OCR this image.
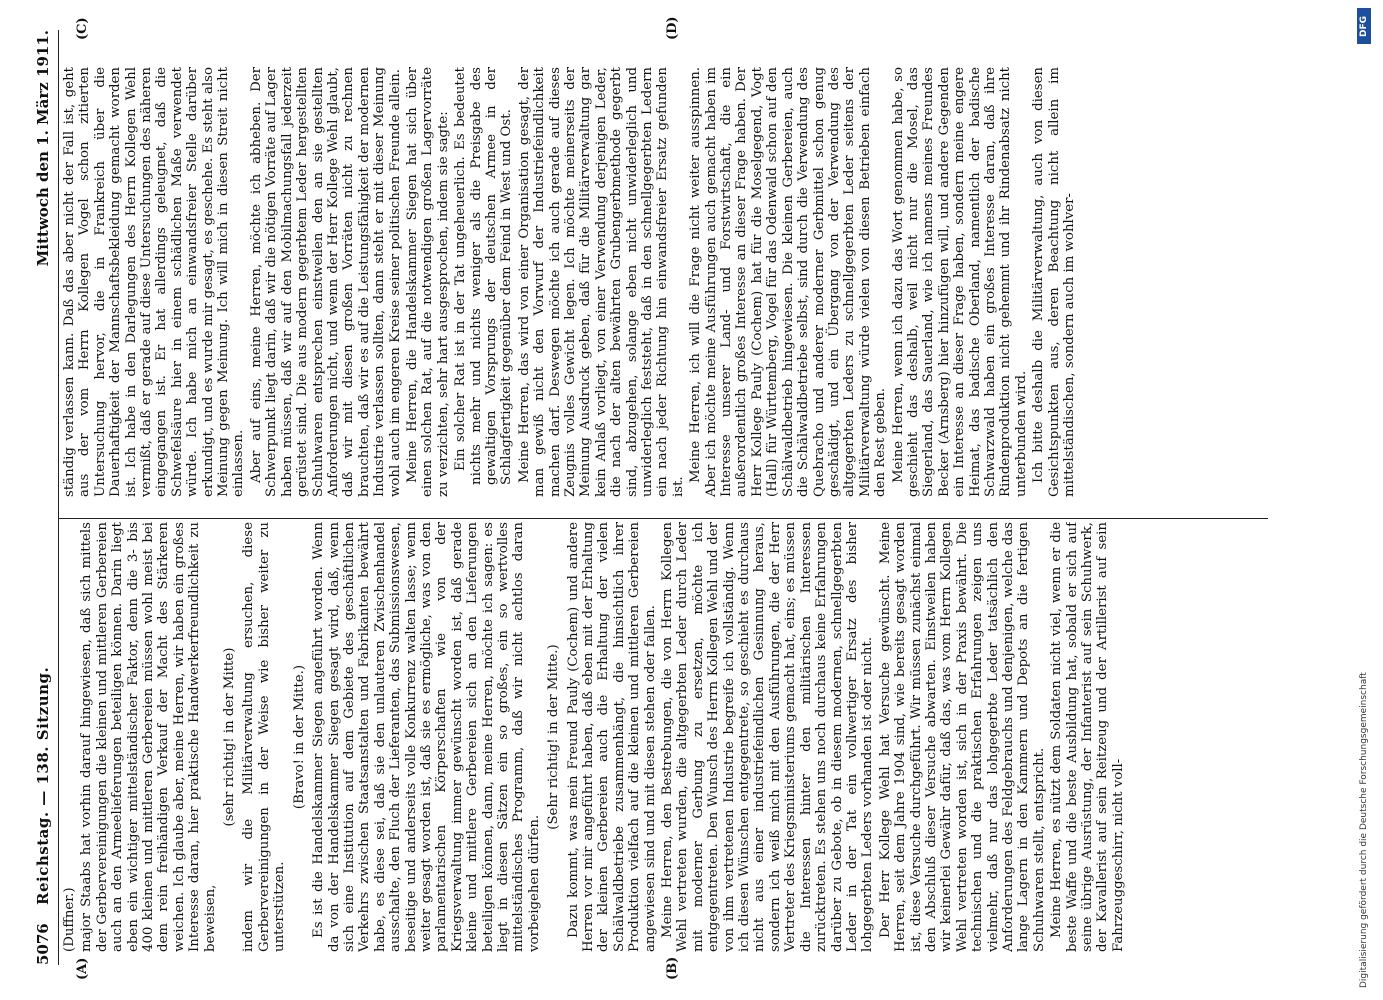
5076
Reichstag. — 138. Sitzung.
Mittwoch den 1. März 1911.
(A)	(B)
(C)	(D)

(Duffner.) major Staabs hat vorhin darauf hingewiesen, daß sich mittels der Gerbervereinigungen die kleinen und mittleren Gerbereien auch an den Armeelieferungen beteiligen können. Darin liegt eben ein wichtiger mittelständischer Faktor, denn die 3- bis 400 kleinen und mittleren Gerbereien müssen wohl meist bei dem rein freihändigen Verkauf der Macht des Stärkeren weichen. Ich glaube aber, meine Herren, wir haben ein großes Interesse daran, hier praktische Handwerkerfreundlichkeit zu beweisen,

(sehr richtig! in der Mitte) indem wir die Militärverwaltung ersuchen, diese Gerbervereinigungen in der Weise wie bisher weiter zu unterstützen.

(Bravo! in der Mitte.) Es ist die Handelskammer Siegen angeführt worden. Wenn da von der Handelskammer Siegen gesagt wird, daß, wenn sich eine Institution auf dem Gebiete des geschäftlichen Verkehrs zwischen Staatsanstalten und Fabrikanten bewährt habe, es diese sei, daß sie den unlauteren Zwischenhandel ausschalte, den Fluch der Lieferanten, das Submissionswesen, beseitige und anderseits volle Konkurrenz walten lasse; wenn weiter gesagt worden ist, daß sie es ermögliche, was von den parlamentarischen Körperschaften wie von der Kriegsverwaltung immer gewünscht worden ist, daß gerade kleine und mittlere Gerbereien sich an den Lieferungen beteiligen können, dann, meine Herren, möchte ich sagen: es liegt in diesen Sätzen ein so großes, ein so wertvolles mittelständisches Programm, daß wir nicht achtlos daran vorbeigehen dürfen.

(Sehr richtig! in der Mitte.) Dazu kommt, was mein Freund Pauly (Cochem) und andere Herren vor mir angeführt haben, daß eben mit der Erhaltung der kleinen Gerbereien auch die Erhaltung der vielen Schälwaldbetriebe zusammenhängt, die hinsichtlich ihrer Produktion vielfach auf die kleinen und mittleren Gerbereien angewiesen sind und mit diesen stehen oder fallen. Meine Herren, den Bestrebungen, die von Herrn Kollegen Wehl vertreten wurden, die altgegerbten Leder durch Leder mit moderner Gerbung zu ersetzen, möchte ich entgegentreten. Den Wunsch des Herrn Kollegen Wehl und der von ihm vertretenen Industrie begreife ich vollständig. Wenn ich diesen Wünschen entgegentrete, so geschieht es durchaus nicht aus einer industriefeindlichen Gesinnung heraus, sondern ich weiß mich mit den Ausführungen, die der Herr Vertreter des Kriegsministeriums gemacht hat, eins; es müssen die Interessen hinter den militärischen Interessen zurücktreten. Es stehen uns noch durchaus keine Erfahrungen darüber zu Gebote, ob in diesem modernen, schnellgegerbten Leder in der Tat ein vollwertiger Ersatz des bisher lohgegerbten Leders vorhanden ist oder nicht. Der Herr Kollege Wehl hat Versuche gewünscht. Meine Herren, seit dem Jahre 1904 sind, wie bereits gesagt worden ist, diese Versuche durchgeführt. Wir müssen zunächst einmal den Abschluß dieser Versuche abwarten. Einstweilen haben wir keinerlei Gewähr dafür, daß das, was vom Herrn Kollegen Wehl vertreten worden ist, sich in der Praxis bewährt. Die technischen und die praktischen Erfahrungen zeigen uns vielmehr, daß nur das lohgegerbte Leder tatsächlich den Anforderungen des Feldgebrauchs und denjenigen, welche das lange Lagern in den Kammern und Depots an die fertigen Schuhwaren stellt, entspricht. Meine Herren, es nützt dem Soldaten nicht viel, wenn er die beste Waffe und die beste Ausbildung hat, sobald er sich auf seine übrige Ausrüstung, der Infanterist auf sein Schuhwerk, der Kavallerist auf sein Reitzeug und der Artillerist auf sein Fahrzeuggeschirr, nicht voll-

ständig verlassen kann. Daß das aber nicht der Fall ist, geht aus der vom Herrn Kollegen Vogel schon zitierten Untersuchung hervor, die in Frankreich über die Dauerhaftigkeit der Mannschaftsbekleidung gemacht worden ist. Ich habe in den Darlegungen des Herrn Kollegen Wehl vermißt, daß er gerade auf diese Untersuchungen des näheren eingegangen ist. Er hat allerdings geleugnet, daß die Schwefelsäure hier in einem schädlichen Maße verwendet würde. Ich habe mich an einwandsfreier Stelle darüber erkundigt, und es wurde mir gesagt, es geschehe. Es steht also Meinung gegen Meinung. Ich will mich in diesen Streit nicht einlassen. Aber auf eins, meine Herren, möchte ich abheben. Der Schwerpunkt liegt darin, daß wir die nötigen Vorräte auf Lager haben müssen, daß wir auf den Mobilmachungsfall jederzeit gerüstet sind. Die aus modern gegerbtem Leder hergestellten Schuhwaren entsprechen einstweilen den an sie gestellten Anforderungen nicht, und wenn der Herr Kollege Wehl glaubt, daß wir mit diesen großen Vorräten nicht zu rechnen brauchten, daß wir es auf die Leistungsfähigkeit der modernen Industrie verlassen sollten, dann steht er mit dieser Meinung wohl auch im engeren Kreise seiner politischen Freunde allein. Meine Herren, die Handelskammer Siegen hat sich über einen solchen Rat, auf die notwendigen großen Lagervorräte zu verzichten, sehr hart ausgesprochen, indem sie sagte: Ein solcher Rat ist in der Tat ungeheuerlich. Es bedeutet nichts mehr und nichts weniger als die Preisgabe des gewaltigen Vorsprungs der deutschen Armee in der Schlagfertigkeit gegenüber dem Feind in West und Ost. Meine Herren, das wird von einer Organisation gesagt, der man gewiß nicht den Vorwurf der Industriefeindlichkeit machen darf. Deswegen möchte ich auch gerade auf dieses Zeugnis volles Gewicht legen. Ich möchte meinerseits der Meinung Ausdruck geben, daß für die Militärverwaltung gar kein Anlaß vorliegt, von einer Verwendung derjenigen Leder, die nach der alten bewährten Grubengerbmethode gegerbt sind, abzugehen, solange eben nicht unwiderleglich und unwiderleglich feststeht, daß in den schnellgegerbten Ledern ein nach jeder Richtung hin einwandsfreier Ersatz gefunden ist.

Meine Herren, ich will die Frage nicht weiter ausspinnen. Aber ich möchte meine Ausführungen auch gemacht haben im Interesse unserer Land- und Forstwirtschaft, die ein außerordentlich großes Interesse an dieser Frage haben. Der Herr Kollege Pauly (Cochem) hat für die Moselgegend, Vogt (Hall) für Württemberg, Vogel für das Odenwald schon auf den Schälwaldbetrieb hingewiesen. Die kleinen Gerbereien, auch die Schälwaldbetriebe selbst, sind durch die Verwendung des Quebracho und anderer moderner Gerbmittel schon genug geschädigt, und ein Übergang von der Verwendung des altgegerbten Leders zu schnellgegerbten Leder seitens der Militärverwaltung würde vielen von diesen Betrieben einfach den Rest geben. Meine Herren, wenn ich dazu das Wort genommen habe, so geschieht das deshalb, weil nicht nur die Mosel, das Siegerland, das Sauerland, wie ich namens meines Freundes Becker (Arnsberg) hier hinzufügen will, und andere Gegenden ein Interesse an dieser Frage haben, sondern meine engere Heimat, das badische Oberland, namentlich der badische Schwarzwald haben ein großes Interesse daran, daß ihre Rindenproduktion nicht gehemmt und ihr Rindenabsatz nicht unterbunden wird. Ich bitte deshalb die Militärverwaltung, auch von diesen Gesichtspunkten aus, deren Beachtung nicht allein im mittelständischen, sondern auch im wohlver-

DFG
Digitalisierung gefördert durch die Deutsche Forschungsgemeinschaft
